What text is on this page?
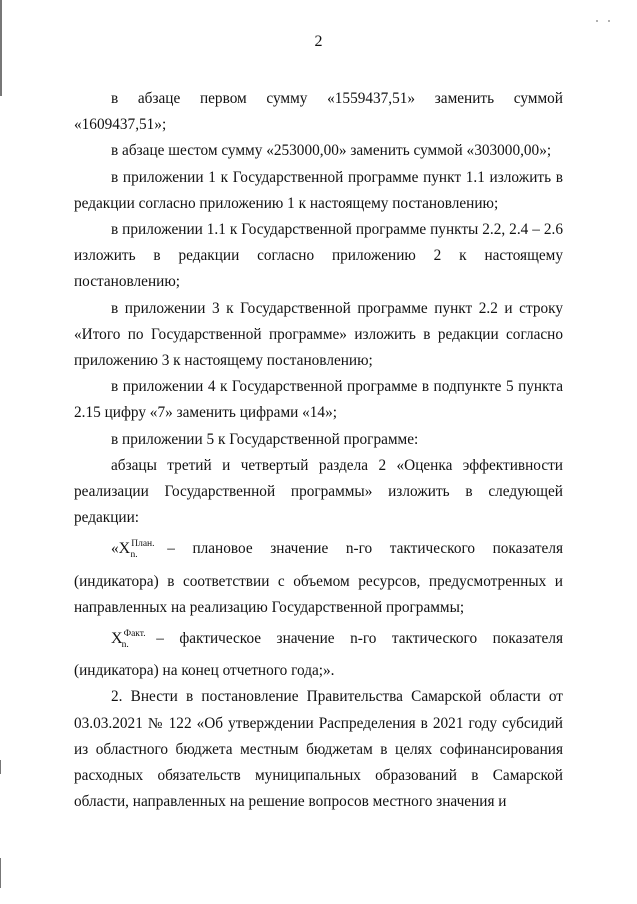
2

в абзаце первом сумму «1559437,51» заменить суммой «1609437,51»;

в абзаце шестом сумму «253000,00» заменить суммой «303000,00»;

в приложении 1 к Государственной программе пункт 1.1 изложить в редакции согласно приложению 1 к настоящему постановлению;

в приложении 1.1 к Государственной программе пункты 2.2, 2.4 – 2.6 изложить в редакции согласно приложению 2 к настоящему постановлению;

в приложении 3 к Государственной программе пункт 2.2 и строку «Итого по Государственной программе» изложить в редакции согласно приложению 3 к настоящему постановлению;

в приложении 4 к Государственной программе в подпункте 5 пункта 2.15 цифру «7» заменить цифрами «14»;

в приложении 5 к Государственной программе:

абзацы третий и четвертый раздела 2 «Оценка эффективности реализации Государственной программы» изложить в следующей редакции:

«$X^{План.}_{n.}$ – плановое значение n-го тактического показателя (индикатора) в соответствии с объемом ресурсов, предусмотренных и направленных на реализацию Государственной программы;

$X^{Факт.}_{n.}$ – фактическое значение n-го тактического показателя (индикатора) на конец отчетного года;».

2. Внести в постановление Правительства Самарской области от 03.03.2021 № 122 «Об утверждении Распределения в 2021 году субсидий из областного бюджета местным бюджетам в целях софинансирования расходных обязательств муниципальных образований в Самарской области, направленных на решение вопросов местного значения и
